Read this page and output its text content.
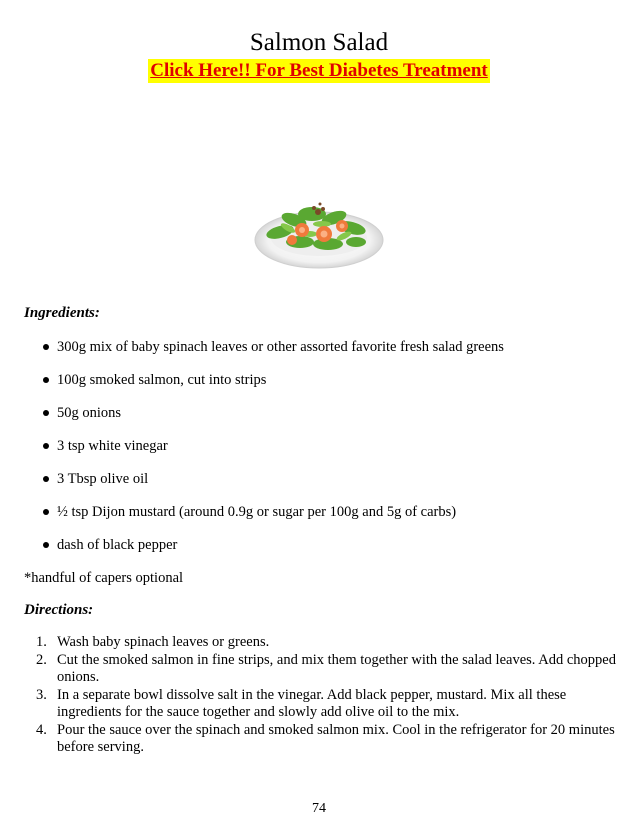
Salmon Salad
Click Here!! For Best Diabetes Treatment
Ingredients:
300g mix of baby spinach leaves or other assorted favorite fresh salad greens
100g smoked salmon, cut into strips
50g onions
3 tsp white vinegar
3 Tbsp olive oil
½ tsp Dijon mustard (around 0.9g or sugar per 100g and 5g of carbs)
dash of black pepper
*handful of capers optional
Directions:
1. Wash baby spinach leaves or greens.
2. Cut the smoked salmon in fine strips, and mix them together with the salad leaves. Add chopped onions.
3. In a separate bowl dissolve salt in the vinegar. Add black pepper, mustard. Mix all these ingredients for the sauce together and slowly add olive oil to the mix.
4. Pour the sauce over the spinach and smoked salmon mix. Cool in the refrigerator for 20 minutes before serving.
74
